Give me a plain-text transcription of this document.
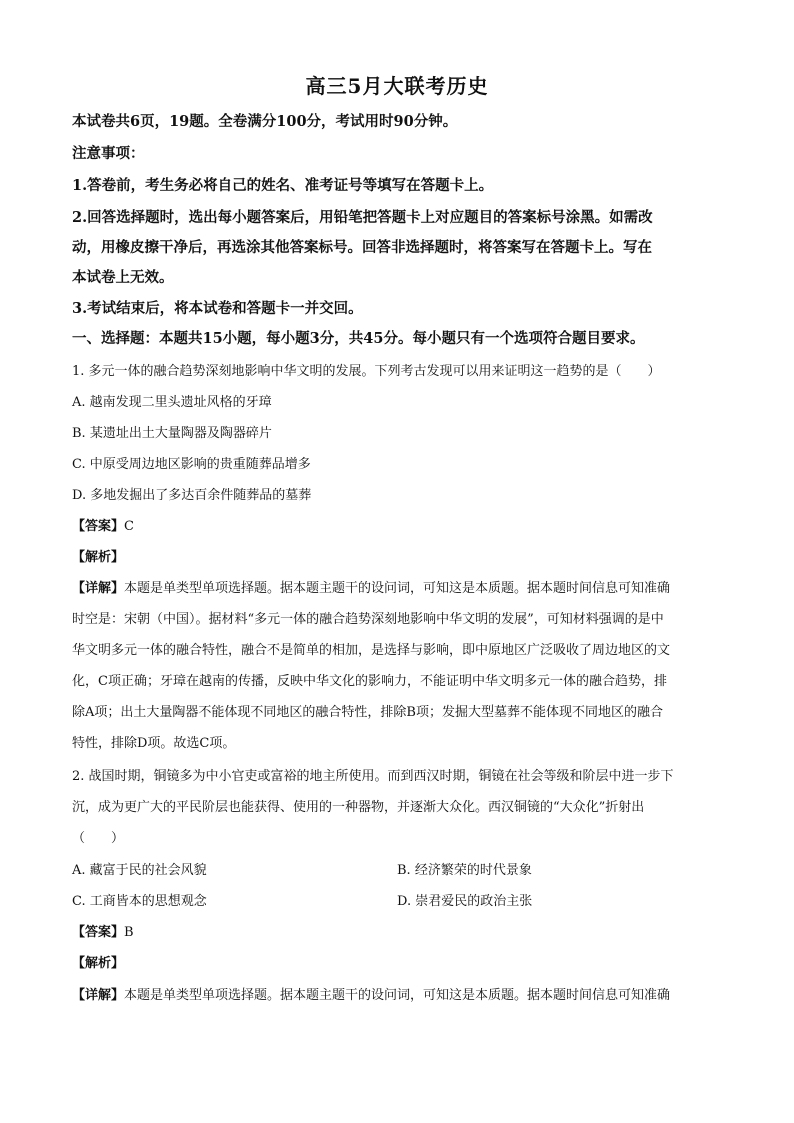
高三5月大联考历史
本试卷共6页，19题。全卷满分100分，考试用时90分钟。
注意事项：
1.答卷前，考生务必将自己的姓名、准考证号等填写在答题卡上。
2.回答选择题时，选出每小题答案后，用铅笔把答题卡上对应题目的答案标号涂黑。如需改
动，用橡皮擦干净后，再选涂其他答案标号。回答非选择题时，将答案写在答题卡上。写在
本试卷上无效。
3.考试结束后，将本试卷和答题卡一并交回。
一、选择题：本题共15小题，每小题3分，共45分。每小题只有一个选项符合题目要求。
1. 多元一体的融合趋势深刻地影响中华文明的发展。下列考古发现可以用来证明这一趋势的是（　　）
A. 越南发现二里头遗址风格的牙璋
B. 某遗址出土大量陶器及陶器碎片
C. 中原受周边地区影响的贵重随葬品增多
D. 多地发掘出了多达百余件随葬品的墓葬
【答案】C
【解析】
【详解】本题是单类型单项选择题。据本题主题干的设问词，可知这是本质题。据本题时间信息可知准确
时空是：宋朝（中国）。据材料“多元一体的融合趋势深刻地影响中华文明的发展”，可知材料强调的是中
华文明多元一体的融合特性，融合不是简单的相加，是选择与影响，即中原地区广泛吸收了周边地区的文
化，C项正确；牙璋在越南的传播，反映中华文化的影响力，不能证明中华文明多元一体的融合趋势，排
除A项；出土大量陶器不能体现不同地区的融合特性，排除B项；发掘大型墓葬不能体现不同地区的融合
特性，排除D项。故选C项。
2. 战国时期，铜镜多为中小官吏或富裕的地主所使用。而到西汉时期，铜镜在社会等级和阶层中进一步下
沉，成为更广大的平民阶层也能获得、使用的一种器物，并逐渐大众化。西汉铜镜的“大众化”折射出
（　　）
A. 藏富于民的社会风貌	B. 经济繁荣的时代景象
C. 工商皆本的思想观念	D. 崇君爱民的政治主张
【答案】B
【解析】
【详解】本题是单类型单项选择题。据本题主题干的设问词，可知这是本质题。据本题时间信息可知准确
